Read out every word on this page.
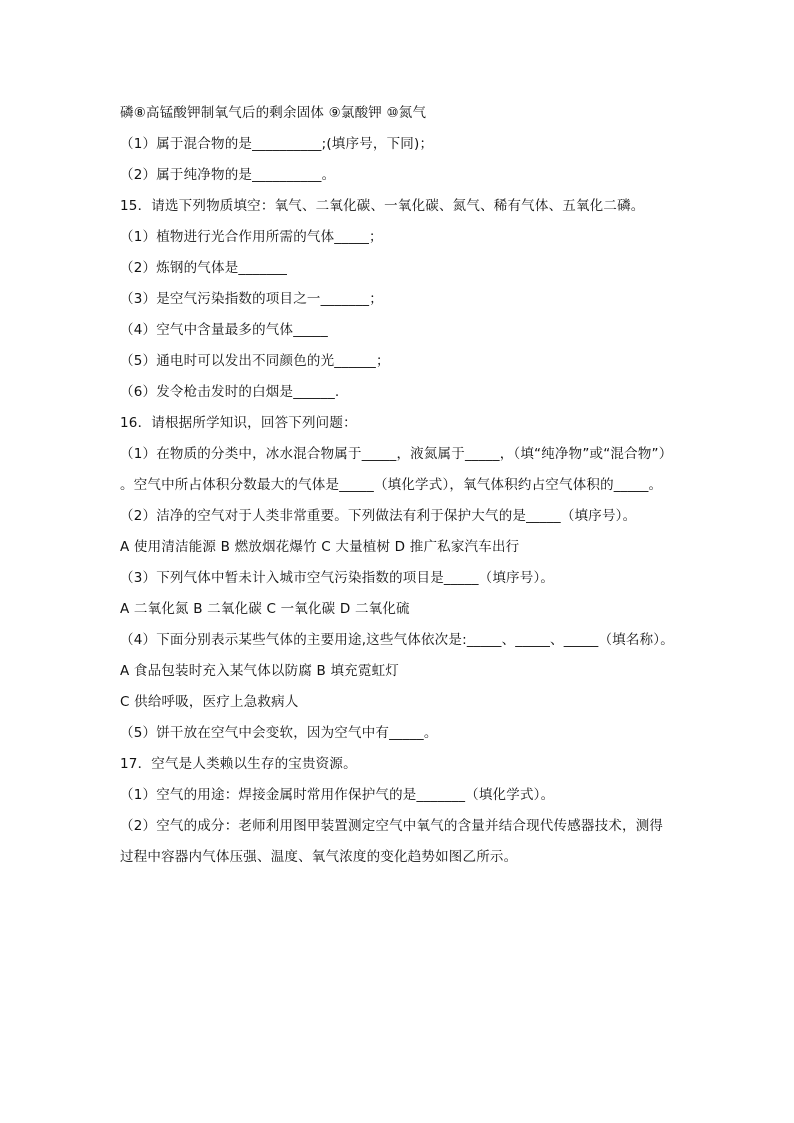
磷⑧高锰酸钾制氧气后的剩余固体 ⑨氯酸钾 ⑩氮气
（1）属于混合物的是__________;(填序号，下同)；
（2）属于纯净物的是__________。
15．请选下列物质填空：氧气、二氧化碳、一氧化碳、氮气、稀有气体、五氧化二磷。
（1）植物进行光合作用所需的气体_____；
（2）炼钢的气体是_______
（3）是空气污染指数的项目之一_______；
（4）空气中含量最多的气体_____
（5）通电时可以发出不同颜色的光______；
（6）发令枪击发时的白烟是______.
16．请根据所学知识，回答下列问题：
（1）在物质的分类中，冰水混合物属于_____，液氮属于_____，（填“纯净物”或“混合物”）
。空气中所占体积分数最大的气体是_____（填化学式），氧气体积约占空气体积的_____。
（2）洁净的空气对于人类非常重要。下列做法有利于保护大气的是_____（填序号）。
A 使用清洁能源 B 燃放烟花爆竹 C 大量植树 D 推广私家汽车出行
（3）下列气体中暂未计入城市空气污染指数的项目是_____（填序号）。
A 二氧化氮 B 二氧化碳 C 一氧化碳 D 二氧化硫
（4）下面分别表示某些气体的主要用途,这些气体依次是:_____、_____、_____（填名称）。
A 食品包装时充入某气体以防腐 B 填充霓虹灯
C 供给呼吸，医疗上急救病人
（5）饼干放在空气中会变软，因为空气中有_____。
17．空气是人类赖以生存的宝贵资源。
（1）空气的用途：焊接金属时常用作保护气的是_______（填化学式）。
（2）空气的成分：老师利用图甲装置测定空气中氧气的含量并结合现代传感器技术，测得
过程中容器内气体压强、温度、氧气浓度的变化趋势如图乙所示。
